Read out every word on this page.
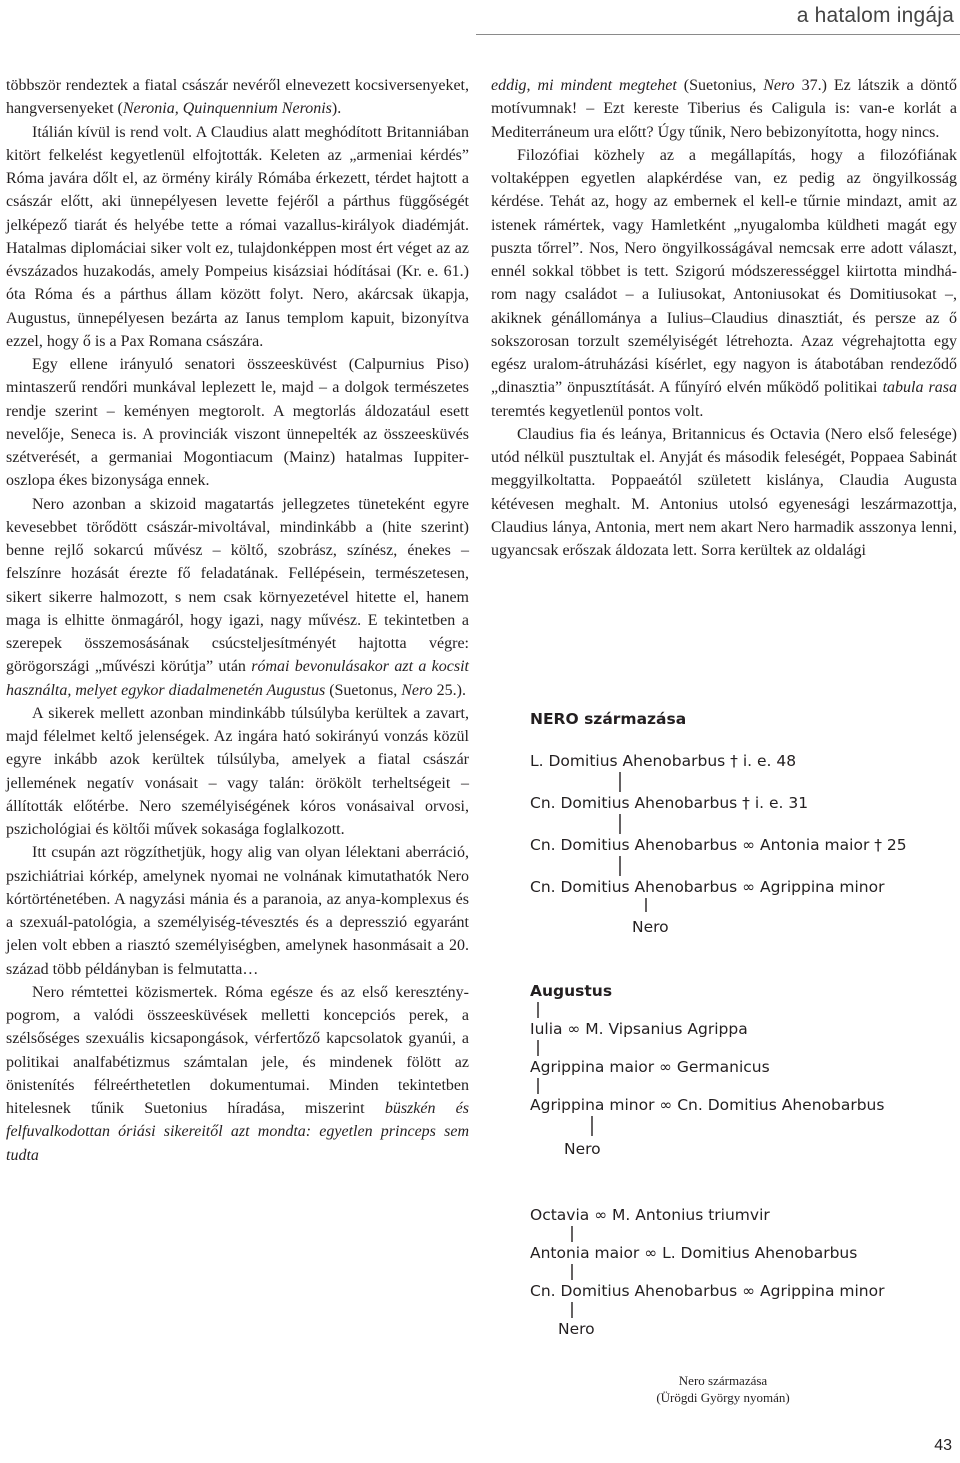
a hatalom ingája

többször rendeztek a fiatal császár nevéről elnevezett kocsiversenyeket, hangversenyeket (Neronia, Quinquennium Neronis).

Itálián kívül is rend volt. A Claudius alatt meghódított Britanniában kitört felkelést kegyetlenül elfojtották. Keleten az „armeniai kérdés” Róma javára dőlt el, az örmény király Rómába érkezett, térdet hajtott a császár előtt, aki ünnepélyesen levette fejéről a párthus függőségét jelképező tiarát és helyébe tette a római vazallus-királyok diadémját. Hatalmas diplomáciai siker volt ez, tulajdonképpen most ért véget az az évszázados huzakodás, amely Pompeius kisázsiai hódításai (Kr. e. 61.) óta Róma és a párthus állam között folyt. Nero, akárcsak ükapja, Augustus, ünnepélyesen bezárta az Ianus templom kapuit, bizonyítva ezzel, hogy ő is a Pax Romana császára.

Egy ellene irányuló senatori összeesküvést (Calpurnius Piso) mintaszerű rendőri munkával leplezett le, majd – a dolgok természetes rendje szerint – keményen megtorolt. A megtorlás áldozatául esett nevelője, Seneca is. A provinciák viszont ünnepelték az összeesküvés szétverését, a germaniai Mogontiacum (Mainz) hatalmas Iuppiter-oszlopa ékes bizonysága ennek.

Nero azonban a skizoid magatartás jellegzetes tüneteként egyre kevesebbet törődött császár-mivoltával, mindinkább a (hite szerint) benne rejlő sokarcú művész – költő, szobrász, színész, énekes – felszínre hozását érezte fő feladatának. Fellépésein, természetesen, sikert sikerre halmozott, s nem csak környezetével hitette el, hanem maga is elhitte önmagáról, hogy igazi, nagy művész. E tekintetben a szerepek összemosásának csúcsteljesítményét hajtotta végre: görögországi „művészi körútja” után római bevonulásakor azt a kocsit használta, melyet egykor diadalmenetén Augustus (Suetonus, Nero 25.).

A sikerek mellett azonban mindinkább túlsúlyba kerültek a zavart, majd félelmet keltő jelenségek. Az ingára ható sokirányú vonzás közül egyre inkább azok kerültek túlsúlyba, amelyek a fiatal császár jellemének negatív vonásait – vagy talán: örökölt terheltségeit – állították előtérbe. Nero személyiségének kóros vonásaival orvosi, pszichológiai és költői művek sokasága foglalkozott.

Itt csupán azt rögzíthetjük, hogy alig van olyan lélektani aberráció, pszichiátriai kórkép, amelynek nyomai ne volnának kimutathatók Nero kórtörténetében. A nagyzási mánia és a paranoia, az anya-komplexus és a szexuál-patológia, a személyiség-tévesztés és a depresszió egyaránt jelen volt ebben a riasztó személyiségben, amelynek hasonmásait a 20. század több példányban is felmutatta…

Nero rémtettei közismertek. Róma egésze és az első keresztény-pogrom, a valódi összeesküvések melletti koncepciós perek, a szélsőséges szexuális kicsapongások, vérfertőző kapcsolatok gyanúi, a politikai analfabétizmus számtalan jele, és mindenek fölött az önistenítés félreérthetetlen dokumentumai. Minden tekintetben hitelesnek tűnik Suetonius híradása, miszerint büszkén és felfuvalkodottan óriási sikereitől azt mondta: egyetlen princeps sem tudta

eddig, mi mindent megtehet (Suetonius, Nero 37.) Ez látszik a döntő motívumnak! – Ezt kereste Tiberius és Caligula is: van-e korlát a Mediterráneum ura előtt? Úgy tűnik, Nero bebizonyította, hogy nincs.

Filozófiai közhely az a megállapítás, hogy a filozófiának voltaképpen egyetlen alapkérdése van, ez pedig az öngyilkosság kérdése. Tehát az, hogy az embernek el kell-e tűrnie mindazt, amit az istenek rámértek, vagy Hamletként „nyugalomba küldheti magát egy puszta tőrrel”. Nos, Nero öngyilkosságával nemcsak erre adott választ, ennél sokkal többet is tett. Szigorú módszerességgel kiirtotta mindhárom nagy családot – a Iuliusokat, Antoniusokat és Domitiusokat –, akiknek génállománya a Iulius–Claudius dinasztiát, és persze az ő sokszorosan torzult személyiségét létrehozta. Azaz végrehajtotta egy egész uralom-átruházási kísérlet, egy nagyon is átabotában rendeződő „dinasztia” önpusztítását. A fűnyíró elvén működő politikai tabula rasa teremtés kegyetlenül pontos volt.

Claudius fia és leánya, Britannicus és Octavia (Nero első felesége) utód nélkül pusztultak el. Anyját és második feleségét, Poppaea Sabinát meggyilkoltatta. Poppaeától született kislánya, Claudia Augusta kétévesen meghalt. M. Antonius utolsó egyenesági leszármazottja, Claudius lánya, Antonia, mert nem akart Nero harmadik asszonya lenni, ugyancsak erőszak áldozata lett. Sorra kerültek az oldalági

NERO származása
L. Domitius Ahenobarbus † i. e. 48
Cn. Domitius Ahenobarbus † i. e. 31
Cn. Domitius Ahenobarbus ∞ Antonia maior † 25
Cn. Domitius Ahenobarbus ∞ Agrippina minor
Nero
Augustus
Iulia ∞ M. Vipsanius Agrippa
Agrippina maior ∞ Germanicus
Agrippina minor ∞ Cn. Domitius Ahenobarbus
Nero
Octavia ∞ M. Antonius triumvir
Antonia maior ∞ L. Domitius Ahenobarbus
Cn. Domitius Ahenobarbus ∞ Agrippina minor
Nero
Nero származása
(Ürögdi György nyomán)
43
